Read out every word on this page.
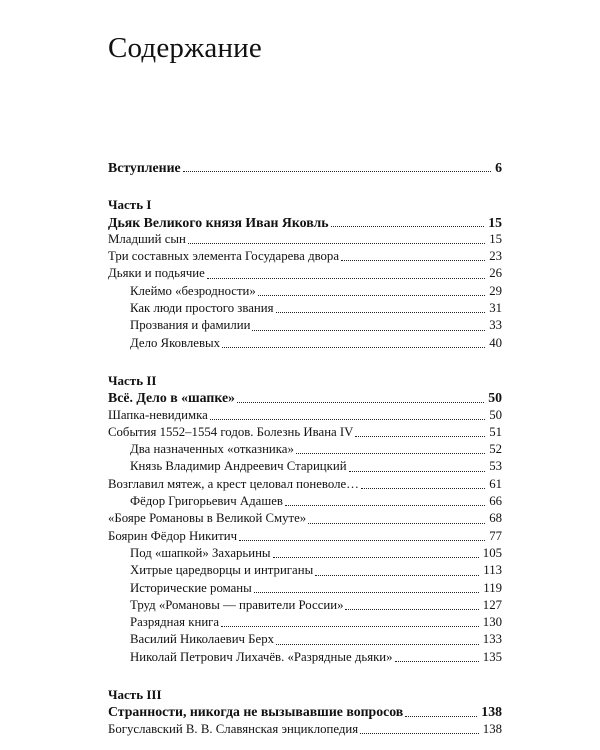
Содержание
Вступление	6
Часть I
Дьяк Великого князя Иван Яковль	15
Младший сын	15
Три составных элемента Государева двора	23
Дьяки и подьячие	26
Клеймо «безродности»	29
Как люди простого звания	31
Прозвания и фамилии	33
Дело Яковлевых	40
Часть II
Всё. Дело в «шапке»	50
Шапка-невидимка	50
События 1552–1554 годов. Болезнь Ивана IV	51
Два назначенных «отказника»	52
Князь Владимир Андреевич Старицкий	53
Возглавил мятеж, а крест целовал поневоле…	61
Фёдор Григорьевич Адашев	66
«Бояре Романовы в Великой Смуте»	68
Боярин Фёдор Никитич	77
Под «шапкой» Захарьины	105
Хитрые царедворцы и интриганы	113
Исторические романы	119
Труд «Романовы — правители России»	127
Разрядная книга	130
Василий Николаевич Берх	133
Николай Петрович Лихачёв. «Разрядные дьяки»	135
Часть III
Странности, никогда не вызывавшие вопросов	138
Богуславский В. В. Славянская энциклопедия	138
